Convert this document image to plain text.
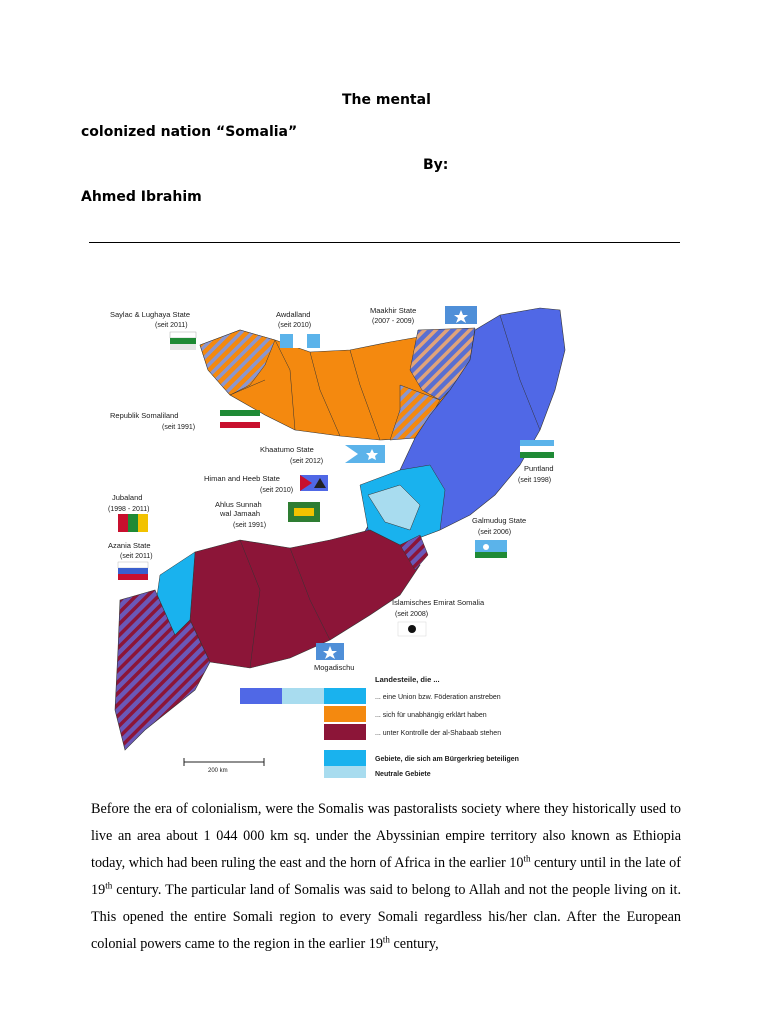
The mental
colonized nation “Somalia”
By:
Ahmed Ibrahim
Saylac & Lughaya State
(seit 2011)
Awdalland
(seit 2010)
Maakhir State
(2007 - 2009)
Republik Somaliland
(seit 1991)
Khaatumo State
(seit 2012)
Himan and Heeb State
(seit 2010)
Ahlus Sunnah
wal Jamaah
(seit 1991)
Puntland
(seit 1998)
Jubaland
(1998 - 2011)
Azania State
(seit 2011)
Galmudug State
(seit 2006)
Islamisches Emirat Somalia
(seit 2008)
Mogadischu
Landesteile, die ...
... eine Union bzw. Föderation anstreben
... sich für unabhängig erklärt haben
... unter Kontrolle der al-Shabaab stehen
Gebiete, die sich am Bürgerkrieg beteiligen
Neutrale Gebiete
200 km

Before the era of colonialism, were the Somalis was pastoralists society where they historically used to live an area about 1 044 000 km sq. under the Abyssinian empire territory also known as Ethiopia today, which had been ruling the east and the horn of Africa in the earlier 10th century until in the late of 19th century. The particular land of Somalis was said to belong to Allah and not the people living on it. This opened the entire Somali region to every Somali regardless his/her clan. After the European colonial powers came to the region in the earlier 19th century,
